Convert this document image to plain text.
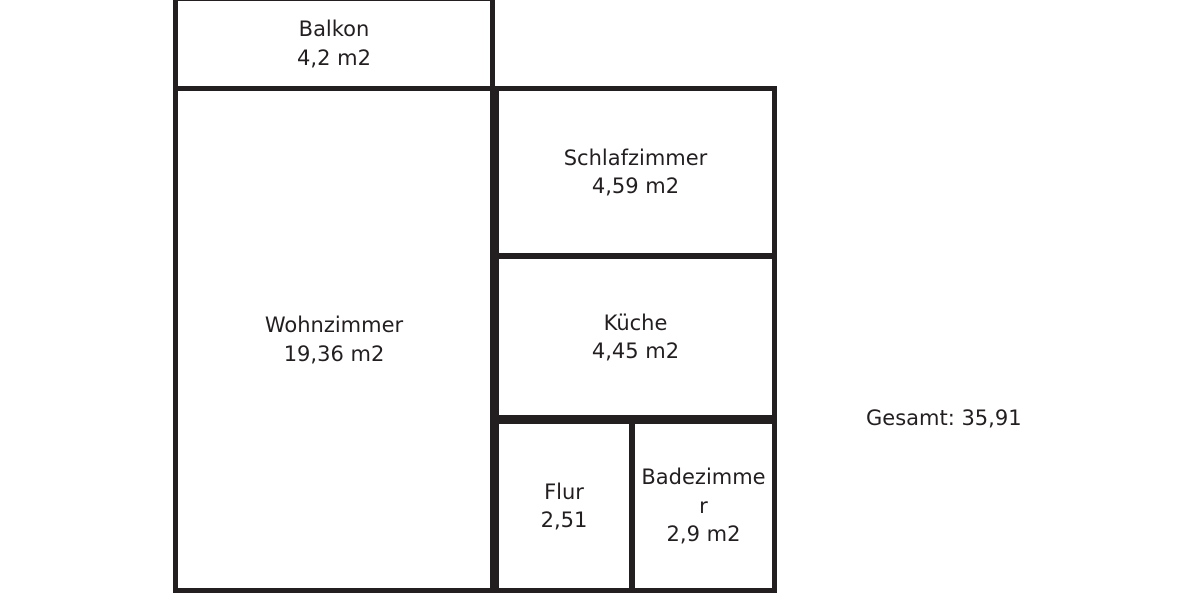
Balkon
4,2 m2
Wohnzimmer
19,36 m2
Schlafzimmer
4,59 m2
Küche
4,45 m2
Flur
2,51
Badezimmer
2,9 m2
Gesamt: 35,91
